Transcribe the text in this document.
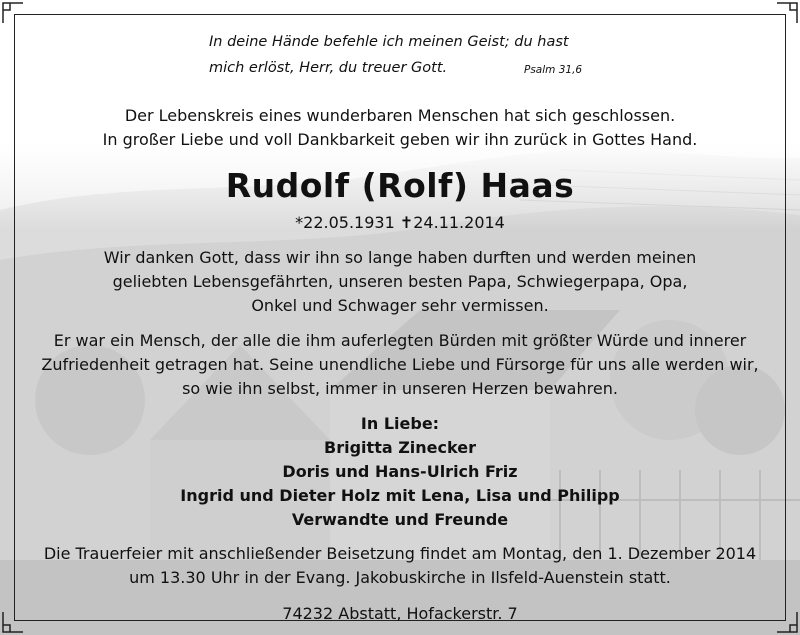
In deine Hände befehle ich meinen Geist; du hast
mich erlöst, Herr, du treuer Gott.	Psalm 31,6
Der Lebenskreis eines wunderbaren Menschen hat sich geschlossen.
In großer Liebe und voll Dankbarkeit geben wir ihn zurück in Gottes Hand.
Rudolf (Rolf) Haas
*22.05.1931 ✝24.11.2014
Wir danken Gott, dass wir ihn so lange haben durften und werden meinen
geliebten Lebensgefährten, unseren besten Papa, Schwiegerpapa, Opa,
Onkel und Schwager sehr vermissen.
Er war ein Mensch, der alle die ihm auferlegten Bürden mit größter Würde und innerer
Zufriedenheit getragen hat. Seine unendliche Liebe und Fürsorge für uns alle werden wir,
so wie ihn selbst, immer in unseren Herzen bewahren.
In Liebe:
Brigitta Zinecker
Doris und Hans-Ulrich Friz
Ingrid und Dieter Holz mit Lena, Lisa und Philipp
Verwandte und Freunde
Die Trauerfeier mit anschließender Beisetzung findet am Montag, den 1. Dezember 2014
um 13.30 Uhr in der Evang. Jakobuskirche in Ilsfeld-Auenstein statt.
74232 Abstatt, Hofackerstr. 7
